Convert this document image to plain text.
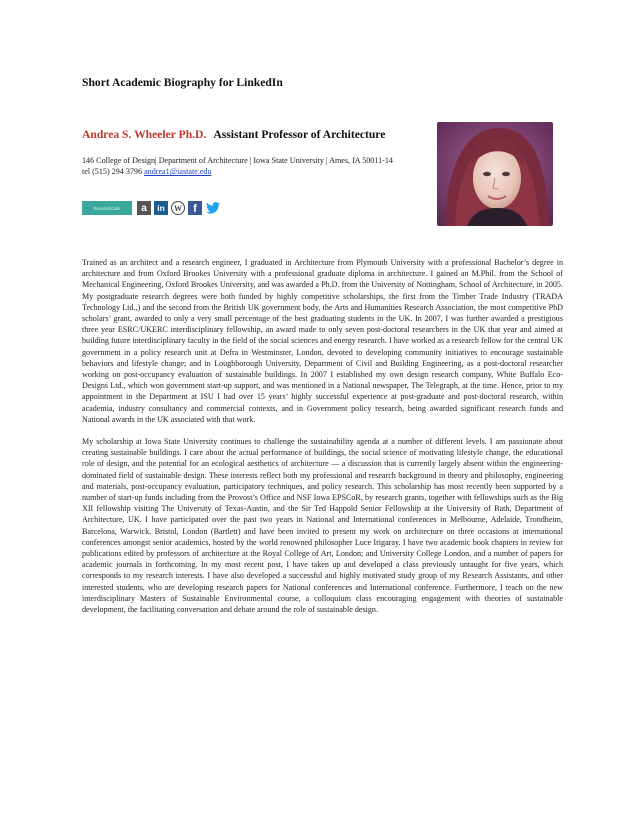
Short Academic Biography for LinkedIn
Andrea S. Wheeler Ph.D. Assistant Professor of Architecture
146 College of Design| Department of Architecture | Iowa State University | Ames, IA 50011-14
tel (515) 294 3796 andrea1@iastate.edu
ResearchGate a in W f

Trained as an architect and a research engineer, I graduated in Architecture from Plymouth University with a professional Bachelor’s degree in architecture and from Oxford Brookes University with a professional graduate diploma in architecture. I gained an M.Phil. from the School of Mechanical Engineering, Oxford Brookes University, and was awarded a Ph.D. from the University of Nottingham, School of Architecture, in 2005. My postgraduate research degrees were both funded by highly competitive scholarships, the first from the Timber Trade Industry (TRADA Technology Ltd.,) and the second from the British UK government body, the Arts and Humanities Research Association, the most competitive PhD scholars’ grant, awarded to only a very small percentage of the best graduating students in the UK. In 2007, I was further awarded a prestigious three year ESRC/UKERC interdisciplinary fellowship, an award made to only seven post-doctoral researchers in the UK that year and aimed at building future interdisciplinary faculty in the field of the social sciences and energy research. I have worked as a research fellow for the central UK government in a policy research unit at Defra in Westminster, London, devoted to developing community initiatives to encourage sustainable behaviors and lifestyle change; and in Loughborough University, Department of Civil and Building Engineering, as a post-doctoral researcher working on post-occupancy evaluation of sustainable buildings. In 2007 I established my own design research company, White Buffalo Eco-Designs Ltd., which won government start-up support, and was mentioned in a National newspaper, The Telegraph, at the time. Hence, prior to my appointment in the Department at ISU I had over 15 years’ highly successful experience at post-graduate and post-doctoral research, within academia, industry consultancy and commercial contexts, and in Government policy research, being awarded significant research funds and National awards in the UK associated with that work.

My scholarship at Iowa State University continues to challenge the sustainability agenda at a number of different levels. I am passionate about creating sustainable buildings. I care about the actual performance of buildings, the social science of motivating lifestyle change, the educational role of design, and the potential for an ecological aesthetics of architecture — a discussion that is currently largely absent within the engineering-dominated field of sustainable design. These interests reflect both my professional and research background in theory and philosophy, engineering and materials, post-occupancy evaluation, participatory techniques, and policy research. This scholarship has most recently been supported by a number of start-up funds including from the Provost’s Office and NSF Iowa EPSCoR, by research grants, together with fellowships such as the Big XII fellowship visiting The University of Texas-Austin, and the Sir Ted Happold Senior Fellowship at the University of Bath, Department of Architecture, UK. I have participated over the past two years in National and International conferences in Melbourne, Adelaide, Trondheim, Barcelona, Warwick, Bristol, London (Bartlett) and have been invited to present my work on architecture on three occasions at international conferences amongst senior academics, hosted by the world renowned philosopher Luce Irigaray. I have two academic book chapters in review for publications edited by professors of architecture at the Royal College of Art, London; and University College London, and a number of papers for academic journals in forthcoming. In my most recent post, I have taken up and developed a class previously untaught for five years, which corresponds to my research interests. I have also developed a successful and highly motivated study group of my Research Assistants, and other interested students, who are developing research papers for National conferences and International conference. Furthermore, I teach on the new interdisciplinary Masters of Sustainable Environmental course, a colloquium class encouraging engagement with theories of sustainable development, the facilitating conversation and debate around the role of sustainable design.
